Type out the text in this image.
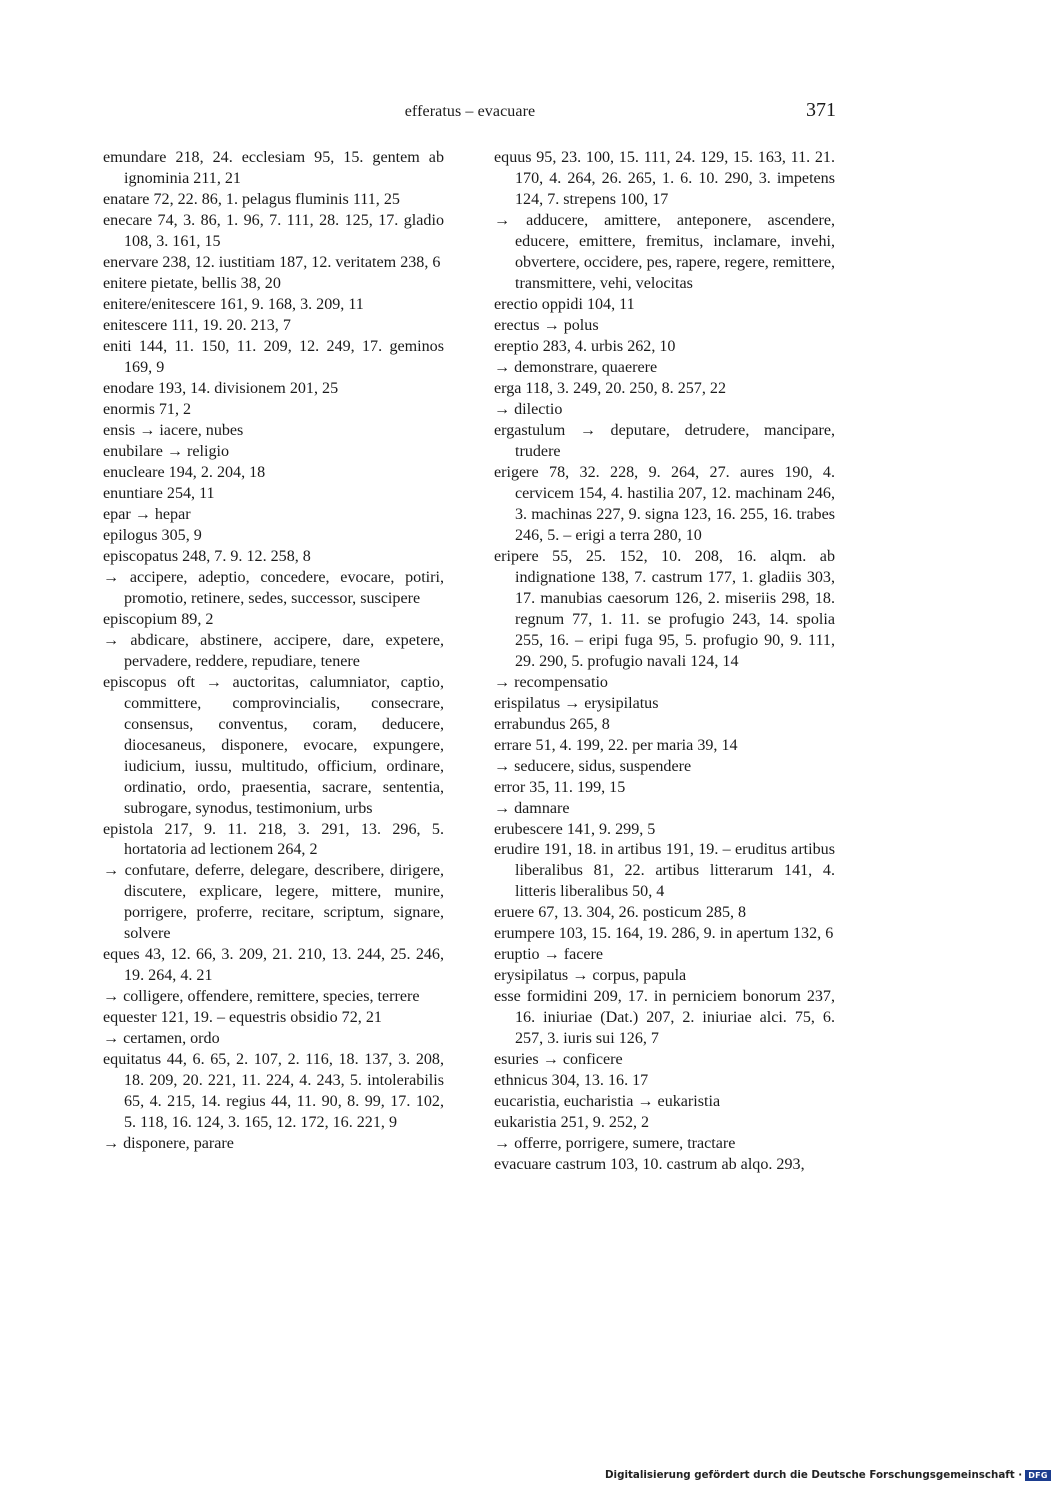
efferatus – evacuare	371

emundare 218, 24. ecclesiam 95, 15. gentem ab ignominia 211, 21

enatare 72, 22. 86, 1. pelagus fluminis 111, 25

enecare 74, 3. 86, 1. 96, 7. 111, 28. 125, 17. gladio 108, 3. 161, 15

enervare 238, 12. iustitiam 187, 12. veritatem 238, 6

enitere pietate, bellis 38, 20

enitere/enitescere 161, 9. 168, 3. 209, 11

enitescere 111, 19. 20. 213, 7

eniti 144, 11. 150, 11. 209, 12. 249, 17. geminos 169, 9

enodare 193, 14. divisionem 201, 25

enormis 71, 2

ensis → iacere, nubes

enubilare → religio

enucleare 194, 2. 204, 18

enuntiare 254, 11

epar → hepar

epilogus 305, 9

episcopatus 248, 7. 9. 12. 258, 8

→ accipere, adeptio, concedere, evocare, potiri, promotio, retinere, sedes, successor, suscipere

episcopium 89, 2

→ abdicare, abstinere, accipere, dare, expetere, pervadere, reddere, repudiare, tenere

episcopus oft → auctoritas, calumniator, captio, committere, comprovincialis, consecrare, consensus, conventus, coram, deducere, diocesaneus, disponere, evocare, expungere, iudicium, iussu, multitudo, officium, ordinare, ordinatio, ordo, praesentia, sacrare, sententia, subrogare, synodus, testimonium, urbs

epistola 217, 9. 11. 218, 3. 291, 13. 296, 5. hortatoria ad lectionem 264, 2

→ confutare, deferre, delegare, describere, dirigere, discutere, explicare, legere, mittere, munire, porrigere, proferre, recitare, scriptum, signare, solvere

eques 43, 12. 66, 3. 209, 21. 210, 13. 244, 25. 246, 19. 264, 4. 21

→ colligere, offendere, remittere, species, terrere

equester 121, 19. – equestris obsidio 72, 21

→ certamen, ordo

equitatus 44, 6. 65, 2. 107, 2. 116, 18. 137, 3. 208, 18. 209, 20. 221, 11. 224, 4. 243, 5. intolerabilis 65, 4. 215, 14. regius 44, 11. 90, 8. 99, 17. 102, 5. 118, 16. 124, 3. 165, 12. 172, 16. 221, 9

→ disponere, parare

equus 95, 23. 100, 15. 111, 24. 129, 15. 163, 11. 21. 170, 4. 264, 26. 265, 1. 6. 10. 290, 3. impetens 124, 7. strepens 100, 17

→ adducere, amittere, anteponere, ascendere, educere, emittere, fremitus, inclamare, invehi, obvertere, occidere, pes, rapere, regere, remittere, transmittere, vehi, velocitas

erectio oppidi 104, 11

erectus → polus

ereptio 283, 4. urbis 262, 10

→ demonstrare, quaerere

erga 118, 3. 249, 20. 250, 8. 257, 22

→ dilectio

ergastulum → deputare, detrudere, mancipare, trudere

erigere 78, 32. 228, 9. 264, 27. aures 190, 4. cervicem 154, 4. hastilia 207, 12. machinam 246, 3. machinas 227, 9. signa 123, 16. 255, 16. trabes 246, 5. – erigi a terra 280, 10

eripere 55, 25. 152, 10. 208, 16. alqm. ab indignatione 138, 7. castrum 177, 1. gladiis 303, 17. manubias caesorum 126, 2. miseriis 298, 18. regnum 77, 1. 11. se profugio 243, 14. spolia 255, 16. – eripi fuga 95, 5. profugio 90, 9. 111, 29. 290, 5. profugio navali 124, 14

→ recompensatio

erispilatus → erysipilatus

errabundus 265, 8

errare 51, 4. 199, 22. per maria 39, 14

→ seducere, sidus, suspendere

error 35, 11. 199, 15

→ damnare

erubescere 141, 9. 299, 5

erudire 191, 18. in artibus 191, 19. – eruditus artibus liberalibus 81, 22. artibus litterarum 141, 4. litteris liberalibus 50, 4

eruere 67, 13. 304, 26. posticum 285, 8

erumpere 103, 15. 164, 19. 286, 9. in apertum 132, 6

eruptio → facere

erysipilatus → corpus, papula

esse formidini 209, 17. in perniciem bonorum 237, 16. iniuriae (Dat.) 207, 2. iniuriae alci. 75, 6. 257, 3. iuris sui 126, 7

esuries → conficere

ethnicus 304, 13. 16. 17

eucaristia, eucharistia → eukaristia

eukaristia 251, 9. 252, 2

→ offerre, porrigere, sumere, tractare

evacuare castrum 103, 10. castrum ab alqo. 293,

Digitalisierung gefördert durch die Deutsche Forschungsgemeinschaft · DFG
